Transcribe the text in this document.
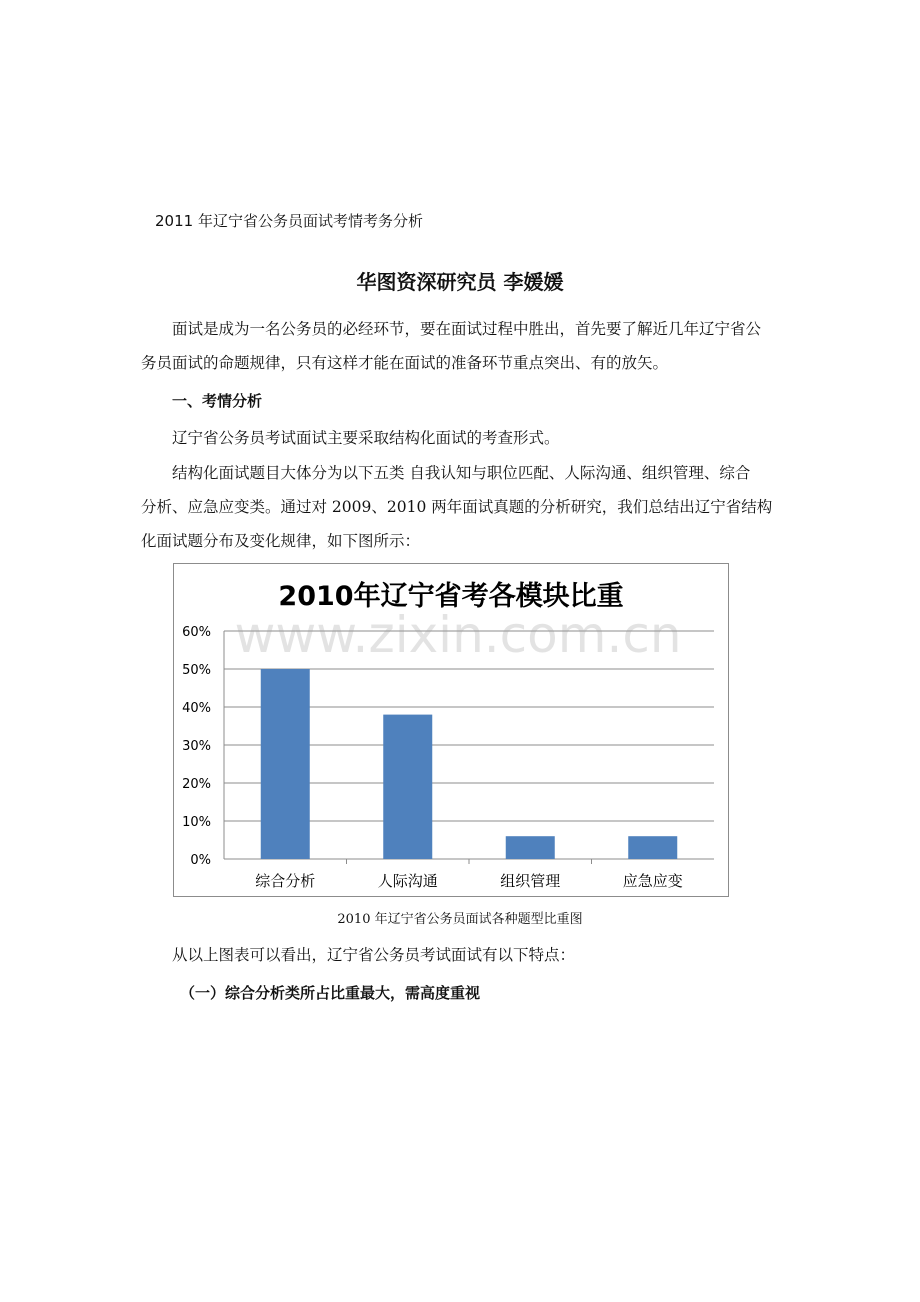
2011 年辽宁省公务员面试考情考务分析
华图资深研究员 李媛媛
面试是成为一名公务员的必经环节，要在面试过程中胜出，首先要了解近几年辽宁省公
务员面试的命题规律，只有这样才能在面试的准备环节重点突出、有的放矢。
一、考情分析
辽宁省公务员考试面试主要采取结构化面试的考查形式。
结构化面试题目大体分为以下五类 自我认知与职位匹配、人际沟通、组织管理、综合
分析、应急应变类。通过对 2009、2010 两年面试真题的分析研究，我们总结出辽宁省结构
化面试题分布及变化规律，如下图所示：
0%
10%
20%
30%
40%
50%
60%
综合分析	人际沟通	组织管理	应急应变
2010年辽宁省考各模块比重
www.zixin.com.cn
2010 年辽宁省公务员面试各种题型比重图
从以上图表可以看出，辽宁省公务员考试面试有以下特点：
（一）综合分析类所占比重最大，需高度重视
